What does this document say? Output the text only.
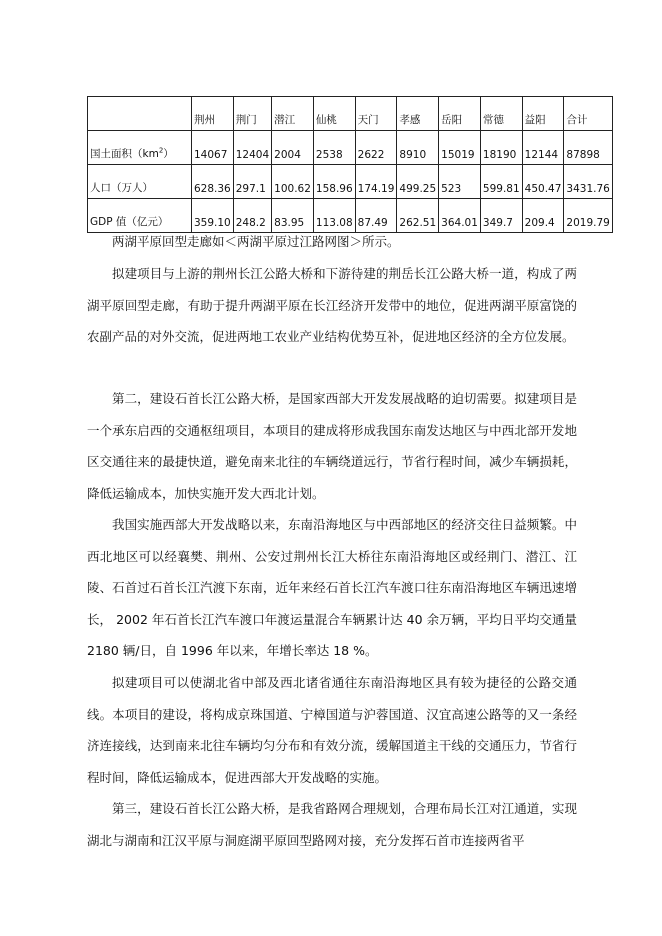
	荆州	荆门	潜江	仙桃	天门	孝感	岳阳	常德	益阳	合计
国土面积$(km^2)$	14067	12404	2004	2538	2622	8910	15019	18190	12144	87898
人口（万人）	628.36	297.1	100.62	158.96	174.19	499.25	523	599.81	450.47	3431.76
GDP 值（亿元）	359.10	248.2	83.95	113.08	87.49	262.51	364.01	349.7	209.4	2019.79

两湖平原回型走廊如＜两湖平原过江路网图＞所示。

拟建项目与上游的荆州长江公路大桥和下游待建的荆岳长江公路大桥一道，构成了两湖平原回型走廊，有助于提升两湖平原在长江经济开发带中的地位，促进两湖平原富饶的农副产品的对外交流，促进两地工农业产业结构优势互补，促进地区经济的全方位发展。

第二，建设石首长江公路大桥，是国家西部大开发发展战略的迫切需要。拟建项目是一个承东启西的交通枢纽项目，本项目的建成将形成我国东南发达地区与中西北部开发地区交通往来的最捷快道，避免南来北往的车辆绕道远行，节省行程时间，减少车辆损耗，降低运输成本，加快实施开发大西北计划。

我国实施西部大开发战略以来，东南沿海地区与中西部地区的经济交往日益频繁。中西北地区可以经襄樊、荆州、公安过荆州长江大桥往东南沿海地区或经荆门、潜江、江陵、石首过石首长江汽渡下东南，近年来经石首长江汽车渡口往东南沿海地区车辆迅速增长， 2002 年石首长江汽车渡口年渡运量混合车辆累计达 40 余万辆，平均日平均交通量 2180 辆/日，自 1996 年以来，年增长率达 18 %。

拟建项目可以使湖北省中部及西北诸省通往东南沿海地区具有较为捷径的公路交通线。本项目的建设，将构成京珠国道、宁樟国道与沪蓉国道、汉宜高速公路等的又一条经济连接线，达到南来北往车辆均匀分布和有效分流，缓解国道主干线的交通压力，节省行程时间，降低运输成本，促进西部大开发战略的实施。

第三，建设石首长江公路大桥，是我省路网合理规划，合理布局长江对江通道，实现湖北与湖南和江汉平原与洞庭湖平原回型路网对接，充分发挥石首市连接两省平
